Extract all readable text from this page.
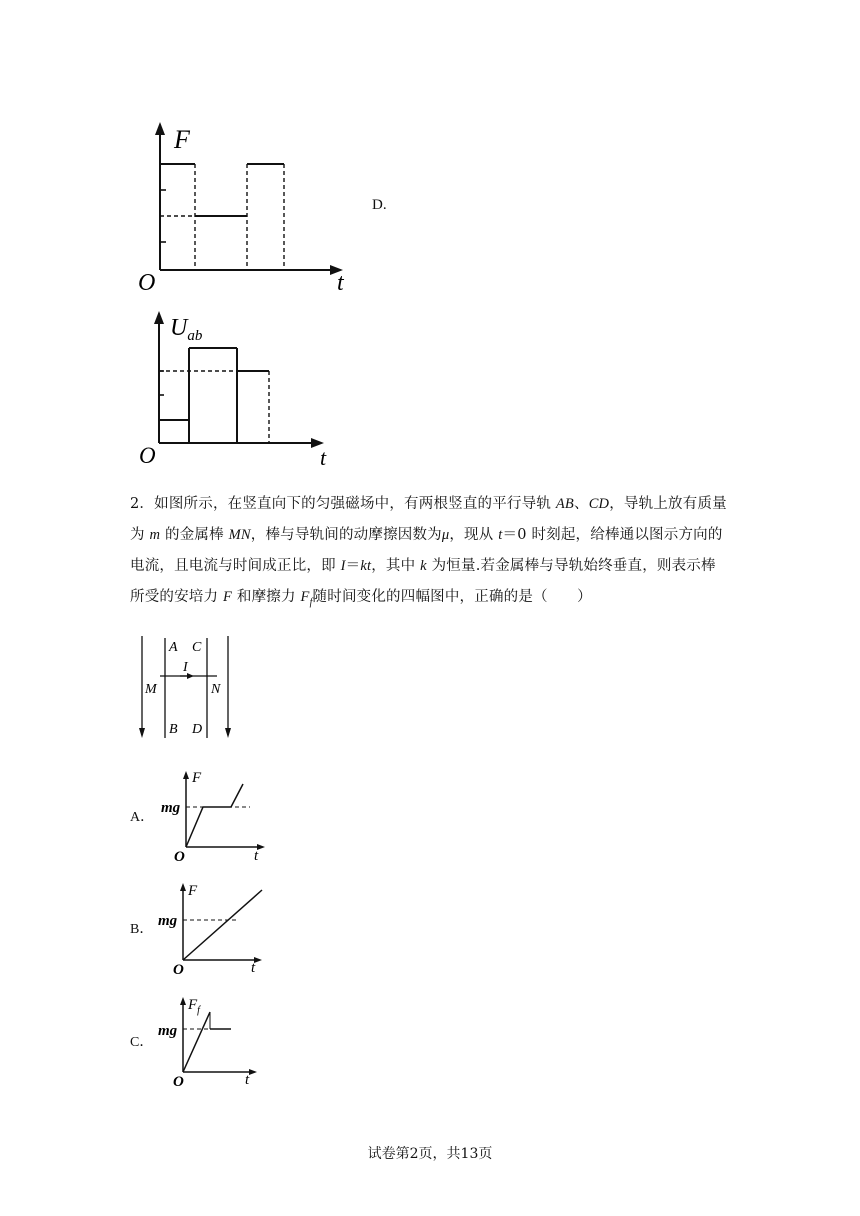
F
O	t
D.
$U_{ab}$
O	t
2．如图所示，在竖直向下的匀强磁场中，有两根竖直的平行导轨 AB、CD，导轨上放有质量为 m 的金属棒 MN，棒与导轨间的动摩擦因数为μ，现从 t＝0 时刻起，给棒通以图示方向的电流，且电流与时间成正比，即 I＝kt，其中 k 为恒量.若金属棒与导轨始终垂直，则表示棒所受的安培力 F 和摩擦力 $F_f$随时间变化的四幅图中，正确的是（　　）
A C
I
M	N
B D
A．
F
mg
O	t
B．
F
mg
O	t
C．
$F_f$
mg
O	t
试卷第2页，共13页
